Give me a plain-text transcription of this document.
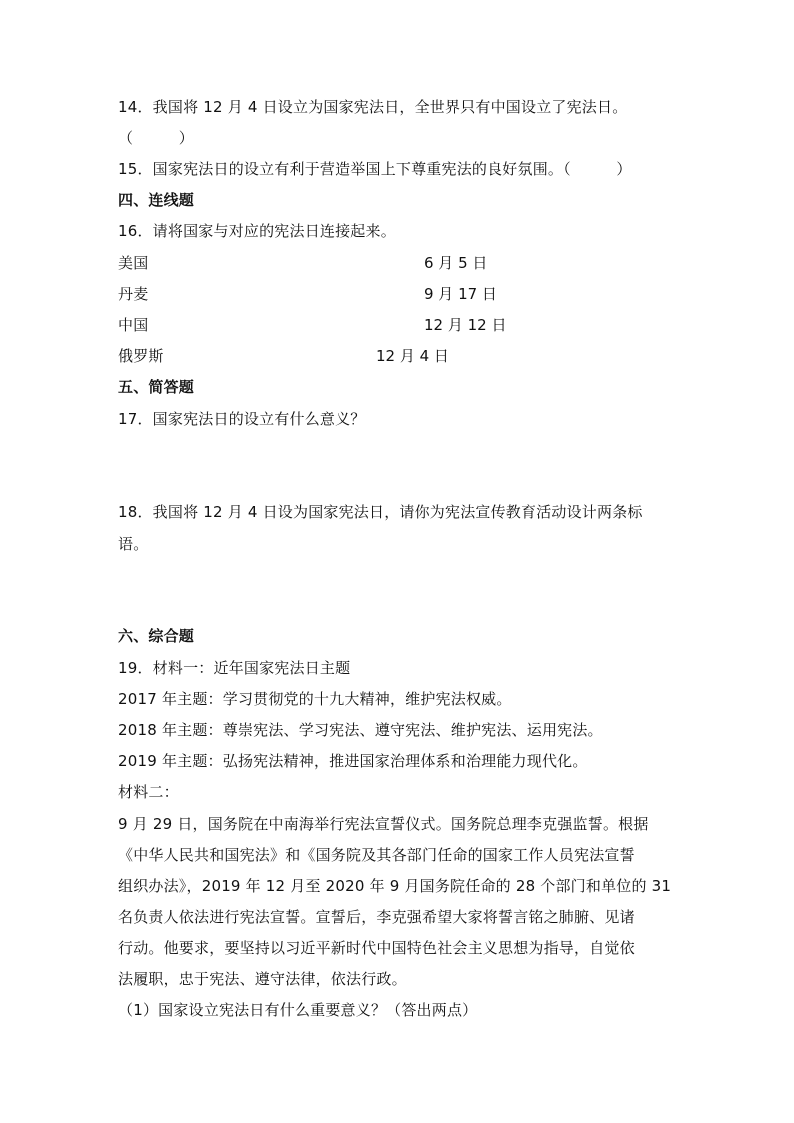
14．我国将 12 月 4 日设立为国家宪法日，全世界只有中国设立了宪法日。
（　　　）
15．国家宪法日的设立有利于营造举国上下尊重宪法的良好氛围。（　　　）
四、连线题
16．请将国家与对应的宪法日连接起来。
美国	6 月 5 日
丹麦	9 月 17 日
中国	12 月 12 日
俄罗斯	12 月 4 日
五、简答题
17．国家宪法日的设立有什么意义？
18．我国将 12 月 4 日设为国家宪法日，请你为宪法宣传教育活动设计两条标
语。
六、综合题
19．材料一：近年国家宪法日主题
2017 年主题：学习贯彻党的十九大精神，维护宪法权威。
2018 年主题：尊崇宪法、学习宪法、遵守宪法、维护宪法、运用宪法。
2019 年主题：弘扬宪法精神，推进国家治理体系和治理能力现代化。
材料二：
9 月 29 日，国务院在中南海举行宪法宣誓仪式。国务院总理李克强监誓。根据
《中华人民共和国宪法》和《国务院及其各部门任命的国家工作人员宪法宣誓
组织办法》，2019 年 12 月至 2020 年 9 月国务院任命的 28 个部门和单位的 31
名负责人依法进行宪法宣誓。宣誓后，李克强希望大家将誓言铭之肺腑、见诸
行动。他要求，要坚持以习近平新时代中国特色社会主义思想为指导，自觉依
法履职，忠于宪法、遵守法律，依法行政。
（1）国家设立宪法日有什么重要意义？（答出两点）
